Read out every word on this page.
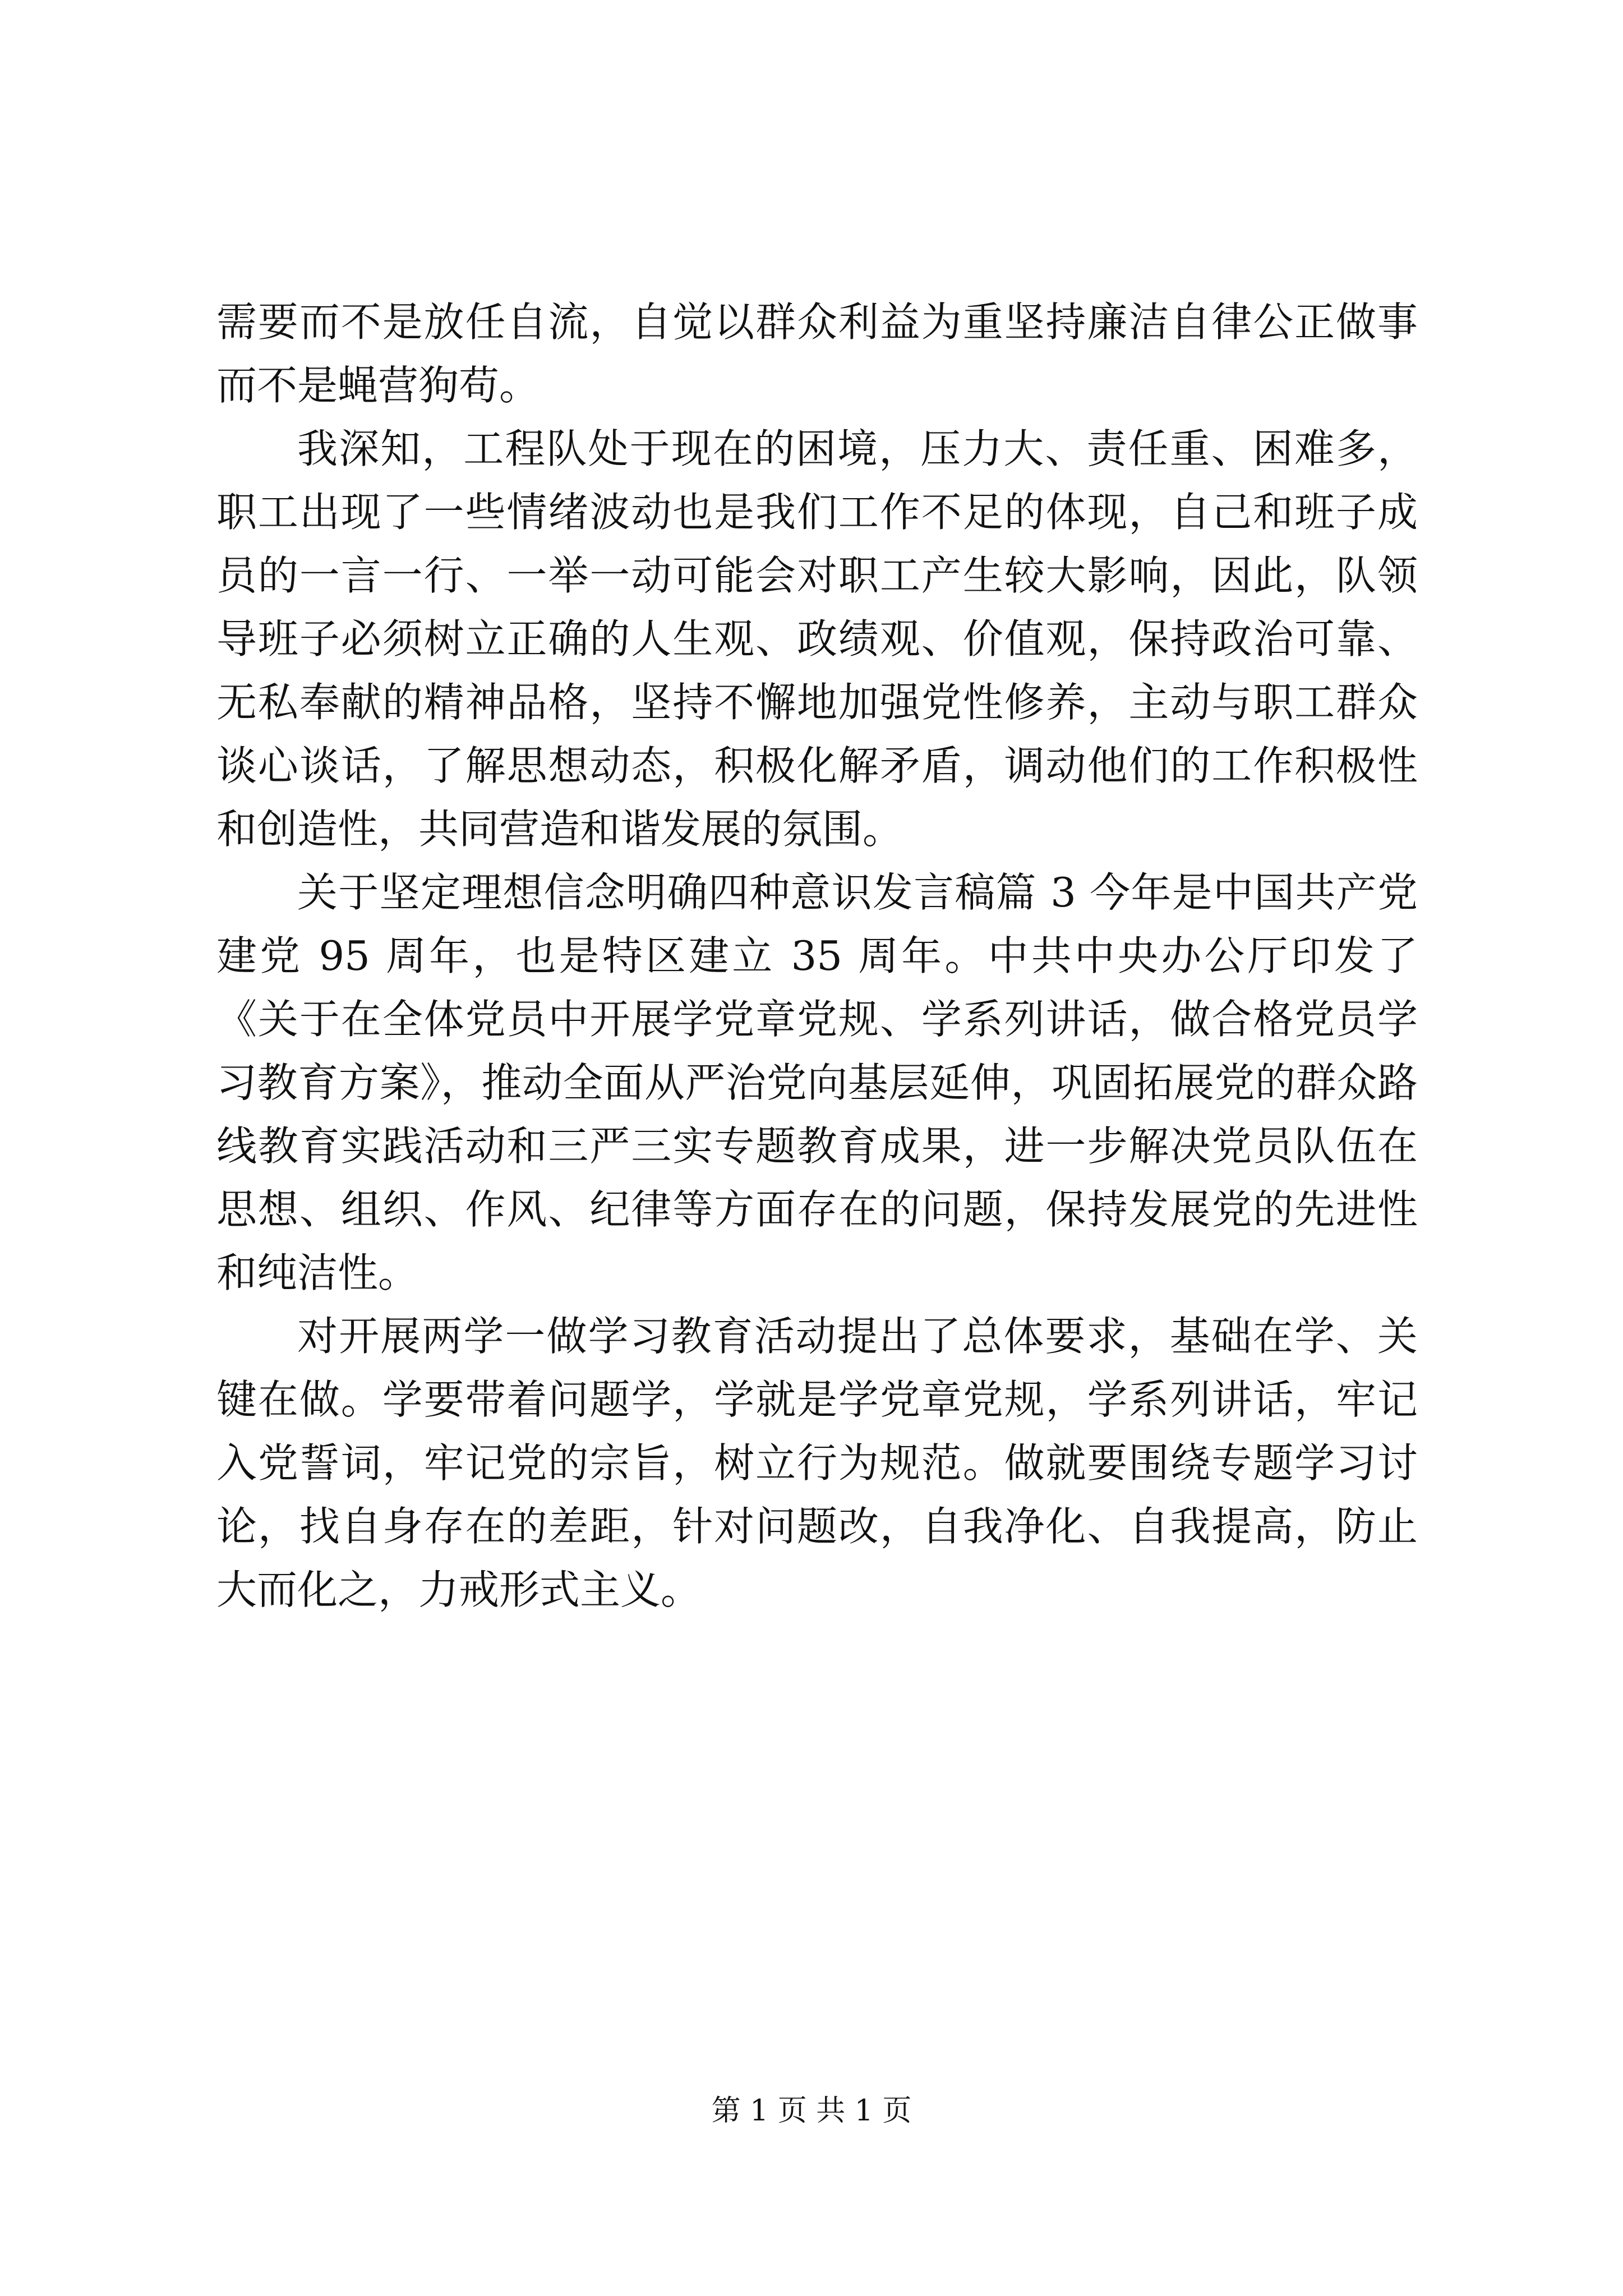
需要而不是放任自流，自觉以群众利益为重坚持廉洁自律公正做事而不是蝇营狗苟。

我深知，工程队处于现在的困境，压力大、责任重、困难多，职工出现了一些情绪波动也是我们工作不足的体现，自己和班子成员的一言一行、一举一动可能会对职工产生较大影响，因此，队领导班子必须树立正确的人生观、政绩观、价值观，保持政治可靠、无私奉献的精神品格，坚持不懈地加强党性修养，主动与职工群众谈心谈话，了解思想动态，积极化解矛盾，调动他们的工作积极性和创造性，共同营造和谐发展的氛围。

关于坚定理想信念明确四种意识发言稿篇 3 今年是中国共产党建党 95 周年，也是特区建立 35 周年。中共中央办公厅印发了《关于在全体党员中开展学党章党规、学系列讲话，做合格党员学习教育方案》，推动全面从严治党向基层延伸，巩固拓展党的群众路线教育实践活动和三严三实专题教育成果，进一步解决党员队伍在思想、组织、作风、纪律等方面存在的问题，保持发展党的先进性和纯洁性。

对开展两学一做学习教育活动提出了总体要求，基础在学、关键在做。学要带着问题学，学就是学党章党规，学系列讲话，牢记入党誓词，牢记党的宗旨，树立行为规范。做就要围绕专题学习讨论，找自身存在的差距，针对问题改，自我净化、自我提高，防止大而化之，力戒形式主义。

第 1 页 共 1 页
